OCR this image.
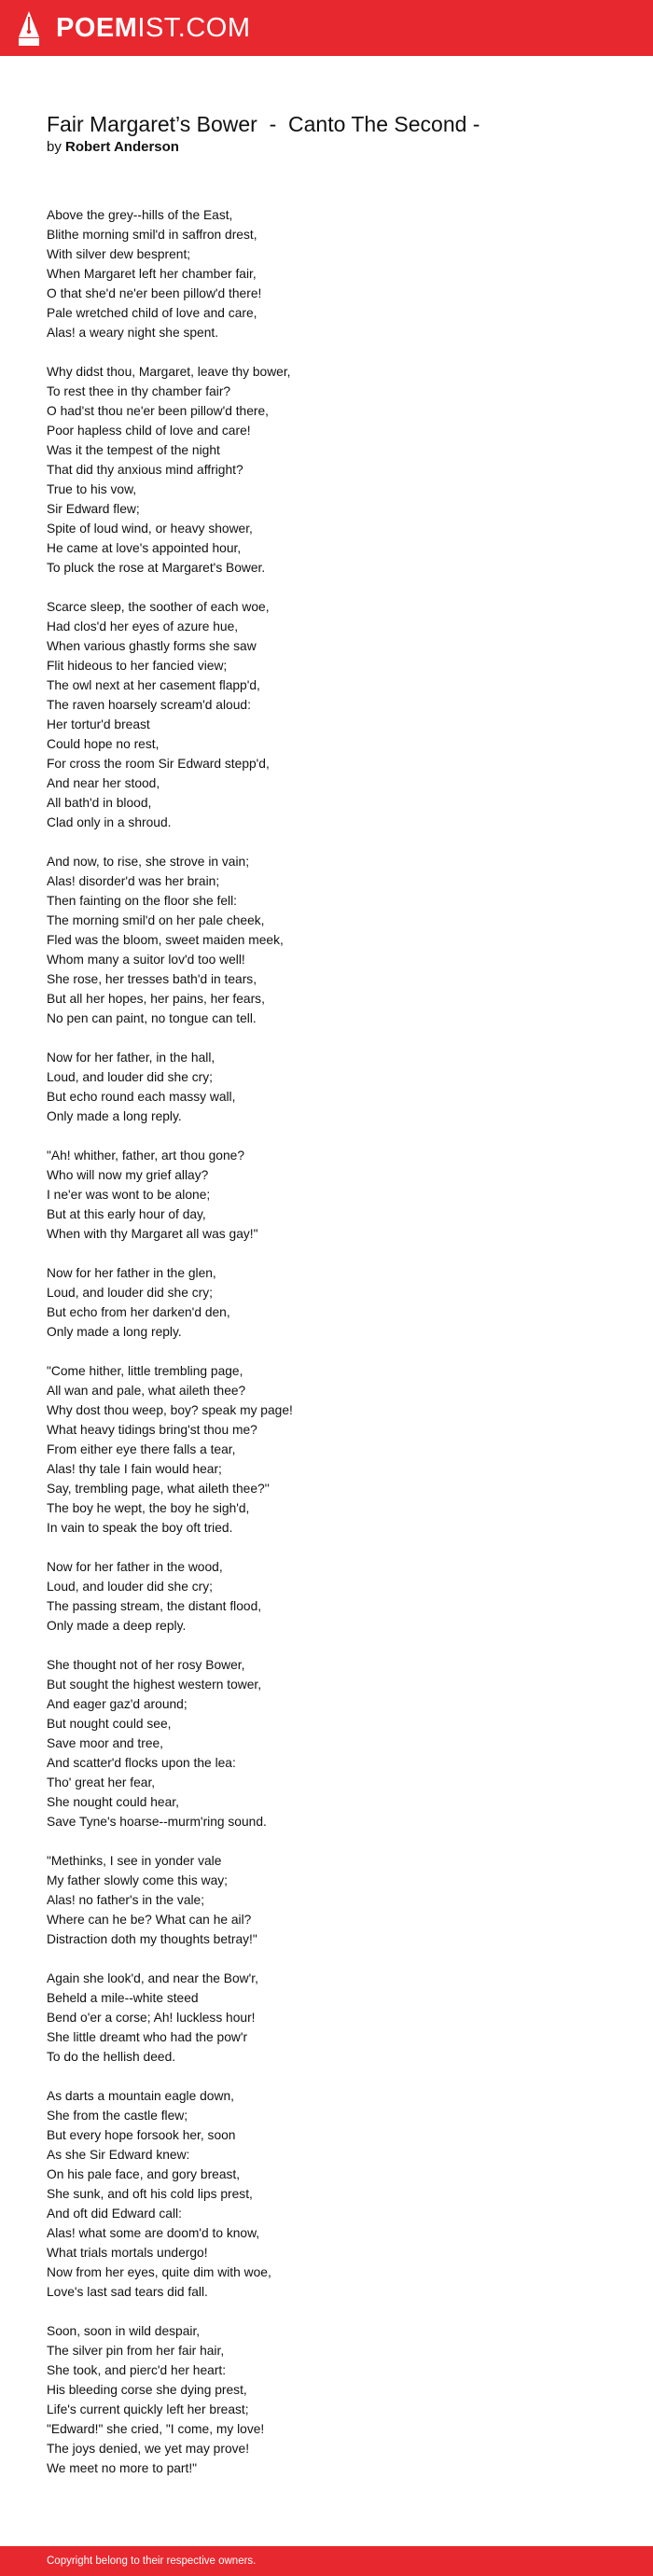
POEMIST.COM
Fair Margaret’s Bower  -  Canto The Second -
by Robert Anderson
Above the grey--hills of the East,
Blithe morning smil'd in saffron drest,
With silver dew besprent;
When Margaret left her chamber fair,
O that she'd ne'er been pillow'd there!
Pale wretched child of love and care,
Alas! a weary night she spent.
Why didst thou, Margaret, leave thy bower,
To rest thee in thy chamber fair?
O had'st thou ne'er been pillow'd there,
Poor hapless child of love and care!
Was it the tempest of the night
That did thy anxious mind affright?
True to his vow,
Sir Edward flew;
Spite of loud wind, or heavy shower,
He came at love's appointed hour,
To pluck the rose at Margaret's Bower.
Scarce sleep, the soother of each woe,
Had clos'd her eyes of azure hue,
When various ghastly forms she saw
Flit hideous to her fancied view;
The owl next at her casement flapp'd,
The raven hoarsely scream'd aloud:
Her tortur'd breast
Could hope no rest,
For cross the room Sir Edward stepp'd,
And near her stood,
All bath'd in blood,
Clad only in a shroud.
And now, to rise, she strove in vain;
Alas! disorder'd was her brain;
Then fainting on the floor she fell:
The morning smil'd on her pale cheek,
Fled was the bloom, sweet maiden meek,
Whom many a suitor lov'd too well!
She rose, her tresses bath'd in tears,
But all her hopes, her pains, her fears,
No pen can paint, no tongue can tell.
Now for her father, in the hall,
Loud, and louder did she cry;
But echo round each massy wall,
Only made a long reply.
"Ah! whither, father, art thou gone?
Who will now my grief allay?
I ne'er was wont to be alone;
But at this early hour of day,
When with thy Margaret all was gay!"
Now for her father in the glen,
Loud, and louder did she cry;
But echo from her darken'd den,
Only made a long reply.
"Come hither, little trembling page,
All wan and pale, what aileth thee?
Why dost thou weep, boy? speak my page!
What heavy tidings bring'st thou me?
From either eye there falls a tear,
Alas! thy tale I fain would hear;
Say, trembling page, what aileth thee?''
The boy he wept, the boy he sigh'd,
In vain to speak the boy oft tried.
Now for her father in the wood,
Loud, and louder did she cry;
The passing stream, the distant flood,
Only made a deep reply.
She thought not of her rosy Bower,
But sought the highest western tower,
And eager gaz'd around;
But nought could see,
Save moor and tree,
And scatter'd flocks upon the lea:
Tho' great her fear,
She nought could hear,
Save Tyne's hoarse--murm'ring sound.
"Methinks, I see in yonder vale
My father slowly come this way;
Alas! no father's in the vale;
Where can he be? What can he ail?
Distraction doth my thoughts betray!"
Again she look'd, and near the Bow'r,
Beheld a mile--white steed
Bend o'er a corse; Ah! luckless hour!
She little dreamt who had the pow'r
To do the hellish deed.
As darts a mountain eagle down,
She from the castle flew;
But every hope forsook her, soon
As she Sir Edward knew:
On his pale face, and gory breast,
She sunk, and oft his cold lips prest,
And oft did Edward call:
Alas! what some are doom'd to know,
What trials mortals undergo!
Now from her eyes, quite dim with woe,
Love's last sad tears did fall.
Soon, soon in wild despair,
The silver pin from her fair hair,
She took, and pierc'd her heart:
His bleeding corse she dying prest,
Life's current quickly left her breast;
"Edward!" she cried, "I come, my love!
The joys denied, we yet may prove!
We meet no more to part!"
Copyright belong to their respective owners.
